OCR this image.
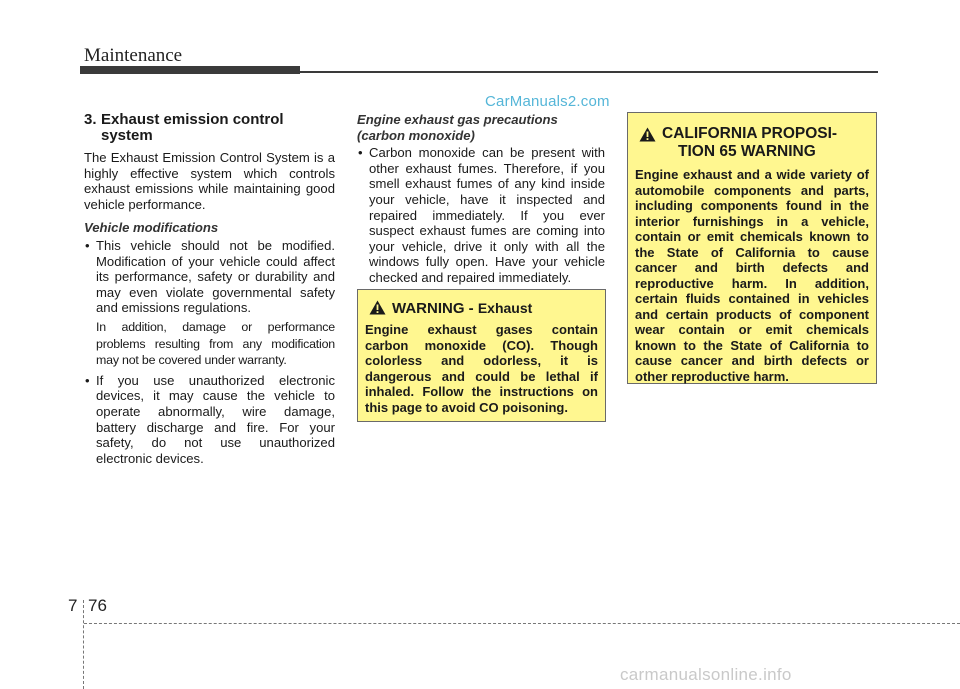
Maintenance
CarManuals2.com
3. Exhaust emission control
system

The Exhaust Emission Control System is a highly effective system which controls exhaust emissions while maintaining good vehicle performance.

Vehicle modifications
• This vehicle should not be modified. Modification of your vehicle could affect its performance, safety or durability and may even violate governmental safety and emissions regulations.
In addition, damage or performance problems resulting from any modification may not be covered under warranty.
• If you use unauthorized electronic devices, it may cause the vehicle to operate abnormally, wire damage, battery discharge and fire. For your safety, do not use unauthorized electronic devices.
Engine exhaust gas precautions (carbon monoxide)
• Carbon monoxide can be present with other exhaust fumes. Therefore, if you smell exhaust fumes of any kind inside your vehicle, have it inspected and repaired immediately. If you ever suspect exhaust fumes are coming into your vehicle, drive it only with all the windows fully open. Have your vehicle checked and repaired immediately.
WARNING - Exhaust
Engine exhaust gases contain carbon monoxide (CO). Though colorless and odorless, it is dangerous and could be lethal if inhaled. Follow the instructions on this page to avoid CO poisoning.
CALIFORNIA PROPOSI-
TION 65 WARNING
Engine exhaust and a wide variety of automobile components and parts, including components found in the interior furnishings in a vehicle, contain or emit chemicals known to the State of California to cause cancer and birth defects and reproductive harm. In addition, certain fluids contained in vehicles and certain products of component wear contain or emit chemicals known to the State of California to cause cancer and birth defects or other reproductive harm.
7 76
carmanualsonline.info
